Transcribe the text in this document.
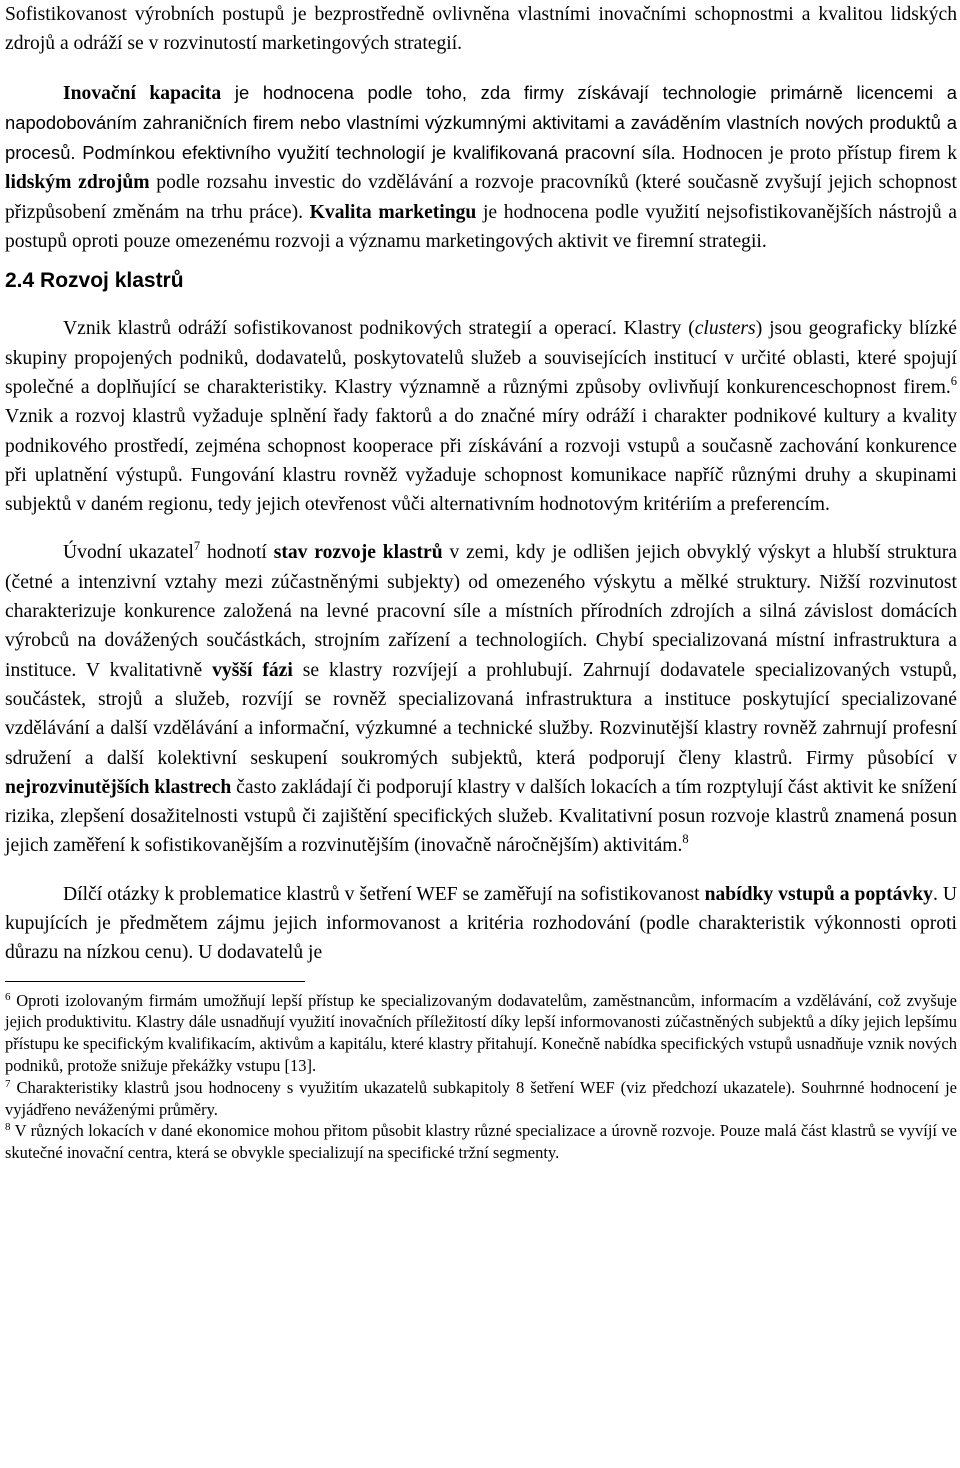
Sofistikovanost výrobních postupů je bezprostředně ovlivněna vlastními inovačními schopnostmi a kvalitou lidských zdrojů a odráží se v rozvinutostí marketingových strategií.

Inovační kapacita je hodnocena podle toho, zda firmy získávají technologie primárně licencemi a napodobováním zahraničních firem nebo vlastními výzkumnými aktivitami a zaváděním vlastních nových produktů a procesů. Podmínkou efektivního využití technologií je kvalifikovaná pracovní síla. Hodnocen je proto přístup firem k lidským zdrojům podle rozsahu investic do vzdělávání a rozvoje pracovníků (které současně zvyšují jejich schopnost přizpůsobení změnám na trhu práce). Kvalita marketingu je hodnocena podle využití nejsofistikovanějších nástrojů a postupů oproti pouze omezenému rozvoji a významu marketingových aktivit ve firemní strategii.

2.4 Rozvoj klastrů

Vznik klastrů odráží sofistikovanost podnikových strategií a operací. Klastry (clusters) jsou geograficky blízké skupiny propojených podniků, dodavatelů, poskytovatelů služeb a souvisejících institucí v určité oblasti, které spojují společné a doplňující se charakteristiky. Klastry významně a různými způsoby ovlivňují konkurenceschopnost firem.$^6$ Vznik a rozvoj klastrů vyžaduje splnění řady faktorů a do značné míry odráží i charakter podnikové kultury a kvality podnikového prostředí, zejména schopnost kooperace při získávání a rozvoji vstupů a současně zachování konkurence při uplatnění výstupů. Fungování klastru rovněž vyžaduje schopnost komunikace napříč různými druhy a skupinami subjektů v daném regionu, tedy jejich otevřenost vůči alternativním hodnotovým kritériím a preferencím.

Úvodní ukazatel$^7$ hodnotí stav rozvoje klastrů v zemi, kdy je odlišen jejich obvyklý výskyt a hlubší struktura (četné a intenzivní vztahy mezi zúčastněnými subjekty) od omezeného výskytu a mělké struktury. Nižší rozvinutost charakterizuje konkurence založená na levné pracovní síle a místních přírodních zdrojích a silná závislost domácích výrobců na dovážených součástkách, strojním zařízení a technologiích. Chybí specializovaná místní infrastruktura a instituce. V kvalitativně vyšší fázi se klastry rozvíjejí a prohlubují. Zahrnují dodavatele specializovaných vstupů, součástek, strojů a služeb, rozvíjí se rovněž specializovaná infrastruktura a instituce poskytující specializované vzdělávání a další vzdělávání a informační, výzkumné a technické služby. Rozvinutější klastry rovněž zahrnují profesní sdružení a další kolektivní seskupení soukromých subjektů, která podporují členy klastrů. Firmy působící v nejrozvinutějších klastrech často zakládají či podporují klastry v dalších lokacích a tím rozptylují část aktivit ke snížení rizika, zlepšení dosažitelnosti vstupů či zajištění specifických služeb. Kvalitativní posun rozvoje klastrů znamená posun jejich zaměření k sofistikovanějším a rozvinutějším (inovačně náročnějším) aktivitám.$^8$

Dílčí otázky k problematice klastrů v šetření WEF se zaměřují na sofistikovanost nabídky vstupů a poptávky. U kupujících je předmětem zájmu jejich informovanost a kritéria rozhodování (podle charakteristik výkonnosti oproti důrazu na nízkou cenu). U dodavatelů je

$^6$ Oproti izolovaným firmám umožňují lepší přístup ke specializovaným dodavatelům, zaměstnancům, informacím a vzdělávání, což zvyšuje jejich produktivitu. Klastry dále usnadňují využití inovačních příležitostí díky lepší informovanosti zúčastněných subjektů a díky jejich lepšímu přístupu ke specifickým kvalifikacím, aktivům a kapitálu, které klastry přitahují. Konečně nabídka specifických vstupů usnadňuje vznik nových podniků, protože snižuje překážky vstupu [13].

$^7$ Charakteristiky klastrů jsou hodnoceny s využitím ukazatelů subkapitoly 8 šetření WEF (viz předchozí ukazatele). Souhrnné hodnocení je vyjádřeno neváženými průměry.

$^8$ V různých lokacích v dané ekonomice mohou přitom působit klastry různé specializace a úrovně rozvoje. Pouze malá část klastrů se vyvíjí ve skutečné inovační centra, která se obvykle specializují na specifické tržní segmenty.
